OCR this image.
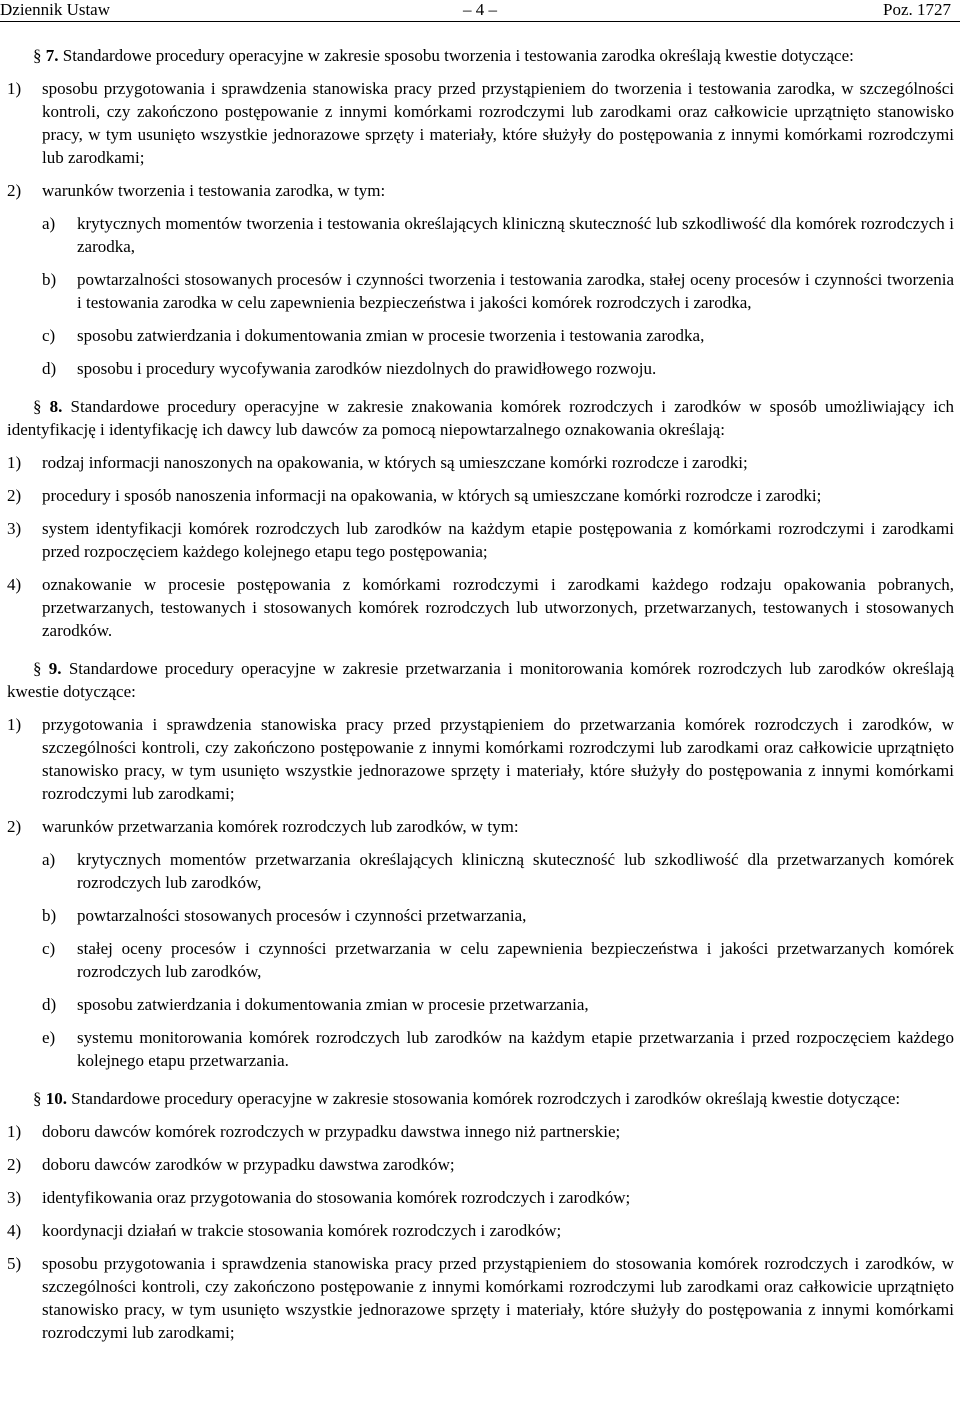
Dziennik Ustaw	– 4 –	Poz. 1727

§ 7. Standardowe procedury operacyjne w zakresie sposobu tworzenia i testowania zarodka określają kwestie dotyczące:

1) sposobu przygotowania i sprawdzenia stanowiska pracy przed przystąpieniem do tworzenia i testowania zarodka, w szczególności kontroli, czy zakończono postępowanie z innymi komórkami rozrodczymi lub zarodkami oraz całkowicie uprzątnięto stanowisko pracy, w tym usunięto wszystkie jednorazowe sprzęty i materiały, które służyły do postępowania z innymi komórkami rozrodczymi lub zarodkami;
2) warunków tworzenia i testowania zarodka, w tym:
a) krytycznych momentów tworzenia i testowania określających kliniczną skuteczność lub szkodliwość dla komórek rozrodczych i zarodka,
b) powtarzalności stosowanych procesów i czynności tworzenia i testowania zarodka, stałej oceny procesów i czynności tworzenia i testowania zarodka w celu zapewnienia bezpieczeństwa i jakości komórek rozrodczych i zarodka,
c) sposobu zatwierdzania i dokumentowania zmian w procesie tworzenia i testowania zarodka,
d) sposobu i procedury wycofywania zarodków niezdolnych do prawidłowego rozwoju.

§ 8. Standardowe procedury operacyjne w zakresie znakowania komórek rozrodczych i zarodków w sposób umożliwiający ich identyfikację i identyfikację ich dawcy lub dawców za pomocą niepowtarzalnego oznakowania określają:

1) rodzaj informacji nanoszonych na opakowania, w których są umieszczane komórki rozrodcze i zarodki;
2) procedury i sposób nanoszenia informacji na opakowania, w których są umieszczane komórki rozrodcze i zarodki;
3) system identyfikacji komórek rozrodczych lub zarodków na każdym etapie postępowania z komórkami rozrodczymi i zarodkami przed rozpoczęciem każdego kolejnego etapu tego postępowania;
4) oznakowanie w procesie postępowania z komórkami rozrodczymi i zarodkami każdego rodzaju opakowania pobranych, przetwarzanych, testowanych i stosowanych komórek rozrodczych lub utworzonych, przetwarzanych, testowanych i stosowanych zarodków.

§ 9. Standardowe procedury operacyjne w zakresie przetwarzania i monitorowania komórek rozrodczych lub zarodków określają kwestie dotyczące:

1) przygotowania i sprawdzenia stanowiska pracy przed przystąpieniem do przetwarzania komórek rozrodczych i zarodków, w szczególności kontroli, czy zakończono postępowanie z innymi komórkami rozrodczymi lub zarodkami oraz całkowicie uprzątnięto stanowisko pracy, w tym usunięto wszystkie jednorazowe sprzęty i materiały, które służyły do postępowania z innymi komórkami rozrodczymi lub zarodkami;
2) warunków przetwarzania komórek rozrodczych lub zarodków, w tym:
a) krytycznych momentów przetwarzania określających kliniczną skuteczność lub szkodliwość dla przetwarzanych komórek rozrodczych lub zarodków,
b) powtarzalności stosowanych procesów i czynności przetwarzania,
c) stałej oceny procesów i czynności przetwarzania w celu zapewnienia bezpieczeństwa i jakości przetwarzanych komórek rozrodczych lub zarodków,
d) sposobu zatwierdzania i dokumentowania zmian w procesie przetwarzania,
e) systemu monitorowania komórek rozrodczych lub zarodków na każdym etapie przetwarzania i przed rozpoczęciem każdego kolejnego etapu przetwarzania.

§ 10. Standardowe procedury operacyjne w zakresie stosowania komórek rozrodczych i zarodków określają kwestie dotyczące:

1) doboru dawców komórek rozrodczych w przypadku dawstwa innego niż partnerskie;
2) doboru dawców zarodków w przypadku dawstwa zarodków;
3) identyfikowania oraz przygotowania do stosowania komórek rozrodczych i zarodków;
4) koordynacji działań w trakcie stosowania komórek rozrodczych i zarodków;
5) sposobu przygotowania i sprawdzenia stanowiska pracy przed przystąpieniem do stosowania komórek rozrodczych i zarodków, w szczególności kontroli, czy zakończono postępowanie z innymi komórkami rozrodczymi lub zarodkami oraz całkowicie uprzątnięto stanowisko pracy, w tym usunięto wszystkie jednorazowe sprzęty i materiały, które służyły do postępowania z innymi komórkami rozrodczymi lub zarodkami;
